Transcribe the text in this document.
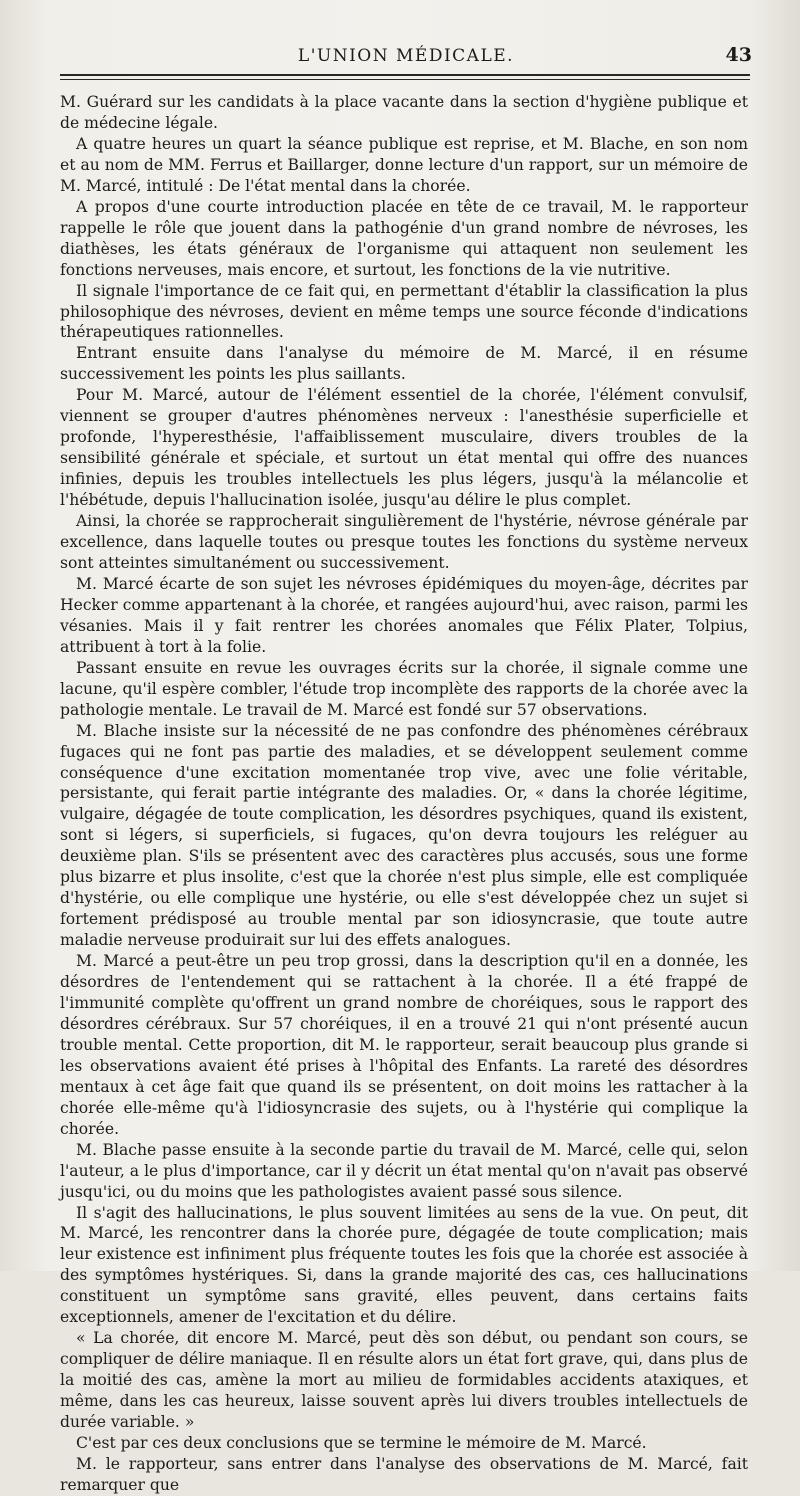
L'UNION MÉDICALE.	43

M. Guérard sur les candidats à la place vacante dans la section d'hygiène publique et de médecine légale.

A quatre heures un quart la séance publique est reprise, et M. Blache, en son nom et au nom de MM. Ferrus et Baillarger, donne lecture d'un rapport, sur un mémoire de M. Marcé, intitulé : De l'état mental dans la chorée.

A propos d'une courte introduction placée en tête de ce travail, M. le rapporteur rappelle le rôle que jouent dans la pathogénie d'un grand nombre de névroses, les diathèses, les états généraux de l'organisme qui attaquent non seulement les fonctions nerveuses, mais encore, et surtout, les fonctions de la vie nutritive.

Il signale l'importance de ce fait qui, en permettant d'établir la classification la plus philosophique des névroses, devient en même temps une source féconde d'indications thérapeutiques rationnelles.

Entrant ensuite dans l'analyse du mémoire de M. Marcé, il en résume successivement les points les plus saillants.

Pour M. Marcé, autour de l'élément essentiel de la chorée, l'élément convulsif, viennent se grouper d'autres phénomènes nerveux : l'anesthésie superficielle et profonde, l'hyperesthésie, l'affaiblissement musculaire, divers troubles de la sensibilité générale et spéciale, et surtout un état mental qui offre des nuances infinies, depuis les troubles intellectuels les plus légers, jusqu'à la mélancolie et l'hébétude, depuis l'hallucination isolée, jusqu'au délire le plus complet.

Ainsi, la chorée se rapprocherait singulièrement de l'hystérie, névrose générale par excellence, dans laquelle toutes ou presque toutes les fonctions du système nerveux sont atteintes simultanément ou successivement.

M. Marcé écarte de son sujet les névroses épidémiques du moyen-âge, décrites par Hecker comme appartenant à la chorée, et rangées aujourd'hui, avec raison, parmi les vésanies. Mais il y fait rentrer les chorées anomales que Félix Plater, Tolpius, attribuent à tort à la folie.

Passant ensuite en revue les ouvrages écrits sur la chorée, il signale comme une lacune, qu'il espère combler, l'étude trop incomplète des rapports de la chorée avec la pathologie mentale. Le travail de M. Marcé est fondé sur 57 observations.

M. Blache insiste sur la nécessité de ne pas confondre des phénomènes cérébraux fugaces qui ne font pas partie des maladies, et se développent seulement comme conséquence d'une excitation momentanée trop vive, avec une folie véritable, persistante, qui ferait partie intégrante des maladies. Or, « dans la chorée légitime, vulgaire, dégagée de toute complication, les désordres psychiques, quand ils existent, sont si légers, si superficiels, si fugaces, qu'on devra toujours les reléguer au deuxième plan. S'ils se présentent avec des caractères plus accusés, sous une forme plus bizarre et plus insolite, c'est que la chorée n'est plus simple, elle est compliquée d'hystérie, ou elle complique une hystérie, ou elle s'est développée chez un sujet si fortement prédisposé au trouble mental par son idiosyncrasie, que toute autre maladie nerveuse produirait sur lui des effets analogues.

M. Marcé a peut-être un peu trop grossi, dans la description qu'il en a donnée, les désordres de l'entendement qui se rattachent à la chorée. Il a été frappé de l'immunité complète qu'offrent un grand nombre de choréiques, sous le rapport des désordres cérébraux. Sur 57 choréiques, il en a trouvé 21 qui n'ont présenté aucun trouble mental. Cette proportion, dit M. le rapporteur, serait beaucoup plus grande si les observations avaient été prises à l'hôpital des Enfants. La rareté des désordres mentaux à cet âge fait que quand ils se présentent, on doit moins les rattacher à la chorée elle-même qu'à l'idiosyncrasie des sujets, ou à l'hystérie qui complique la chorée.

M. Blache passe ensuite à la seconde partie du travail de M. Marcé, celle qui, selon l'auteur, a le plus d'importance, car il y décrit un état mental qu'on n'avait pas observé jusqu'ici, ou du moins que les pathologistes avaient passé sous silence.

Il s'agit des hallucinations, le plus souvent limitées au sens de la vue. On peut, dit M. Marcé, les rencontrer dans la chorée pure, dégagée de toute complication; mais leur existence est infiniment plus fréquente toutes les fois que la chorée est associée à des symptômes hystériques. Si, dans la grande majorité des cas, ces hallucinations constituent un symptôme sans gravité, elles peuvent, dans certains faits exceptionnels, amener de l'excitation et du délire.

« La chorée, dit encore M. Marcé, peut dès son début, ou pendant son cours, se compliquer de délire maniaque. Il en résulte alors un état fort grave, qui, dans plus de la moitié des cas, amène la mort au milieu de formidables accidents ataxiques, et même, dans les cas heureux, laisse souvent après lui divers troubles intellectuels de durée variable. »

C'est par ces deux conclusions que se termine le mémoire de M. Marcé.

M. le rapporteur, sans entrer dans l'analyse des observations de M. Marcé, fait remarquer que
